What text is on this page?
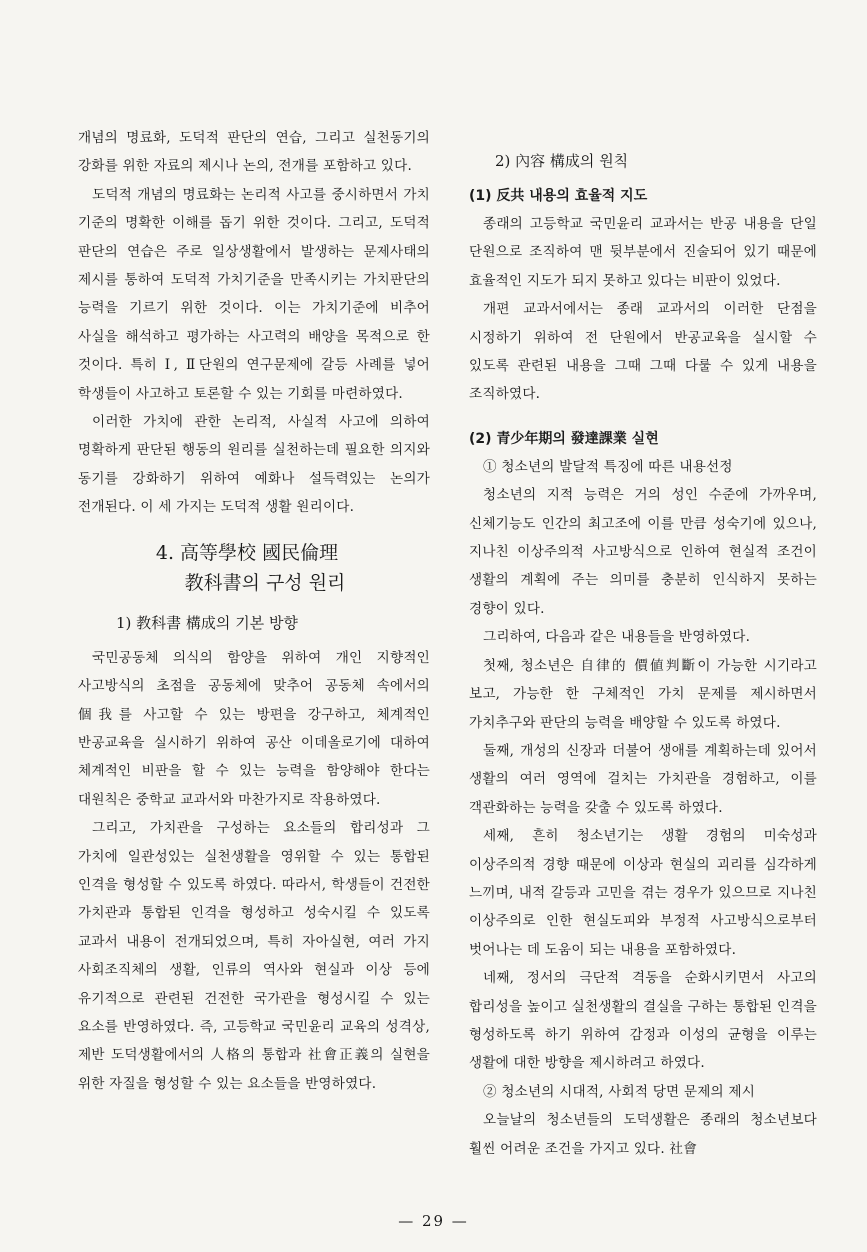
개념의 명료화, 도덕적 판단의 연습, 그리고 실천동기의 강화를 위한 자료의 제시나 논의, 전개를 포함하고 있다.

도덕적 개념의 명료화는 논리적 사고를 중시하면서 가치 기준의 명확한 이해를 돕기 위한 것이다. 그리고, 도덕적 판단의 연습은 주로 일상생활에서 발생하는 문제사태의 제시를 통하여 도덕적 가치기준을 만족시키는 가치판단의 능력을 기르기 위한 것이다. 이는 가치기준에 비추어 사실을 해석하고 평가하는 사고력의 배양을 목적으로 한 것이다. 특히 Ⅰ, Ⅱ단원의 연구문제에 갈등 사례를 넣어 학생들이 사고하고 토론할 수 있는 기회를 마련하였다.

이러한 가치에 관한 논리적, 사실적 사고에 의하여 명확하게 판단된 행동의 원리를 실천하는데 필요한 의지와 동기를 강화하기 위하여 예화나 설득력있는 논의가 전개된다. 이 세 가지는 도덕적 생활 원리이다.

4. 高等學校 國民倫理
教科書의 구성 원리
1) 教科書 構成의 기본 방향

국민공동체 의식의 함양을 위하여 개인 지향적인 사고방식의 초점을 공동체에 맞추어 공동체 속에서의 個我를 사고할 수 있는 방편을 강구하고, 체계적인 반공교육을 실시하기 위하여 공산 이데올로기에 대하여 체계적인 비판을 할 수 있는 능력을 함양해야 한다는 대원칙은 중학교 교과서와 마찬가지로 작용하였다.

그리고, 가치관을 구성하는 요소들의 합리성과 그 가치에 일관성있는 실천생활을 영위할 수 있는 통합된 인격을 형성할 수 있도록 하였다. 따라서, 학생들이 건전한 가치관과 통합된 인격을 형성하고 성숙시킬 수 있도록 교과서 내용이 전개되었으며, 특히 자아실현, 여러 가지 사회조직체의 생활, 인류의 역사와 현실과 이상 등에 유기적으로 관련된 건전한 국가관을 형성시킬 수 있는 요소를 반영하였다. 즉, 고등학교 국민윤리 교육의 성격상, 제반 도덕생활에서의 人格의 통합과 社會正義의 실현을 위한 자질을 형성할 수 있는 요소들을 반영하였다.

2) 內容 構成의 원칙
(1) 反共 내용의 효율적 지도

종래의 고등학교 국민윤리 교과서는 반공 내용을 단일 단원으로 조직하여 맨 뒷부분에서 진술되어 있기 때문에 효율적인 지도가 되지 못하고 있다는 비판이 있었다.

개편 교과서에서는 종래 교과서의 이러한 단점을 시정하기 위하여 전 단원에서 반공교육을 실시할 수 있도록 관련된 내용을 그때 그때 다룰 수 있게 내용을 조직하였다.

(2) 青少年期의 發達課業 실현

① 청소년의 발달적 특징에 따른 내용선정

청소년의 지적 능력은 거의 성인 수준에 가까우며, 신체기능도 인간의 최고조에 이를 만큼 성숙기에 있으나, 지나친 이상주의적 사고방식으로 인하여 현실적 조건이 생활의 계획에 주는 의미를 충분히 인식하지 못하는 경향이 있다.

그리하여, 다음과 같은 내용들을 반영하였다.

첫째, 청소년은 自律的 價値判斷이 가능한 시기라고 보고, 가능한 한 구체적인 가치 문제를 제시하면서 가치추구와 판단의 능력을 배양할 수 있도록 하였다.

둘째, 개성의 신장과 더불어 생애를 계획하는데 있어서 생활의 여러 영역에 걸치는 가치관을 경험하고, 이를 객관화하는 능력을 갖출 수 있도록 하였다.

세째, 흔히 청소년기는 생활 경험의 미숙성과 이상주의적 경향 때문에 이상과 현실의 괴리를 심각하게 느끼며, 내적 갈등과 고민을 겪는 경우가 있으므로 지나친 이상주의로 인한 현실도피와 부정적 사고방식으로부터 벗어나는 데 도움이 되는 내용을 포함하였다.

네째, 정서의 극단적 격동을 순화시키면서 사고의 합리성을 높이고 실천생활의 결실을 구하는 통합된 인격을 형성하도록 하기 위하여 감정과 이성의 균형을 이루는 생활에 대한 방향을 제시하려고 하였다.

② 청소년의 시대적, 사회적 당면 문제의 제시

오늘날의 청소년들의 도덕생활은 종래의 청소년보다 훨씬 어려운 조건을 가지고 있다. 社會

— 29 —
